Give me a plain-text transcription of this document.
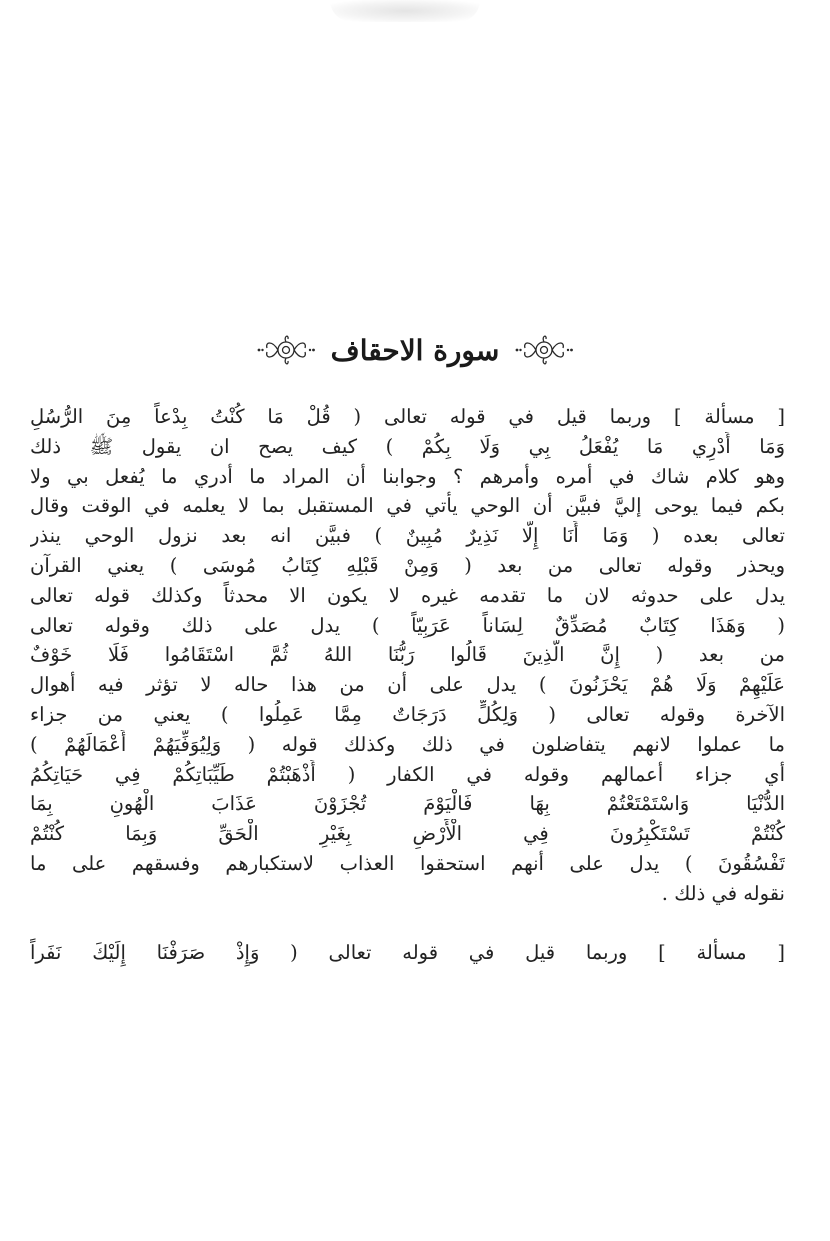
سورة الاحقاف
[ مسألة ] وربما قيل في قوله تعالى ( قُلْ مَا كُنْتُ بِدْعاً مِنَ الرُّسُلِ
وَمَا أَدْرِي مَا يُفْعَلُ بِي وَلَا بِكُمْ ) كيف يصح ان يقول ﷺ ذلك
وهو كلام شاك في أمره وأمرهم ؟ وجوابنا أن المراد ما أدري ما يُفعل بي ولا
بكم فيما يوحى إليَّ فبيَّن أن الوحي يأتي في المستقبل بما لا يعلمه في الوقت وقال
تعالى بعده ( وَمَا أَنَا إِلَّا نَذِيرٌ مُبِينٌ ) فبيَّن انه بعد نزول الوحي ينذر
ويحذر وقوله تعالى من بعد ( وَمِنْ قَبْلِهِ كِتَابُ مُوسَى ) يعني القرآن
يدل على حدوثه لان ما تقدمه غيره لا يكون الا محدثاً وكذلك قوله تعالى
( وَهَذَا كِتَابٌ مُصَدِّقٌ لِسَاناً عَرَبِيّاً ) يدل على ذلك وقوله تعالى
من بعد ( إِنَّ الَّذِينَ قَالُوا رَبُّنَا اللهُ ثُمَّ اسْتَقَامُوا فَلَا خَوْفٌ
عَلَيْهِمْ وَلَا هُمْ يَحْزَنُونَ ) يدل على أن من هذا حاله لا تؤثر فيه أهوال
الآخرة وقوله تعالى ( وَلِكُلٍّ دَرَجَاتٌ مِمَّا عَمِلُوا ) يعني من جزاء
ما عملوا لانهم يتفاضلون في ذلك وكذلك قوله ( وَلِيُوَفِّيَهُمْ أَعْمَالَهُمْ )
أي جزاء أعمالهم وقوله في الكفار ( أَذْهَبْتُمْ طَيِّبَاتِكُمْ فِي حَيَاتِكُمُ
الدُّنْيَا وَاسْتَمْتَعْتُمْ بِهَا فَالْيَوْمَ تُجْزَوْنَ عَذَابَ الْهُونِ بِمَا
كُنْتُمْ تَسْتَكْبِرُونَ فِي الْأَرْضِ بِغَيْرِ الْحَقِّ وَبِمَا كُنْتُمْ
تَفْسُقُونَ ) يدل على أنهم استحقوا العذاب لاستكبارهم وفسقهم على ما
نقوله في ذلك .
[ مسألة ] وربما قيل في قوله تعالى ( وَإِذْ صَرَفْنَا إِلَيْكَ نَفَراً
